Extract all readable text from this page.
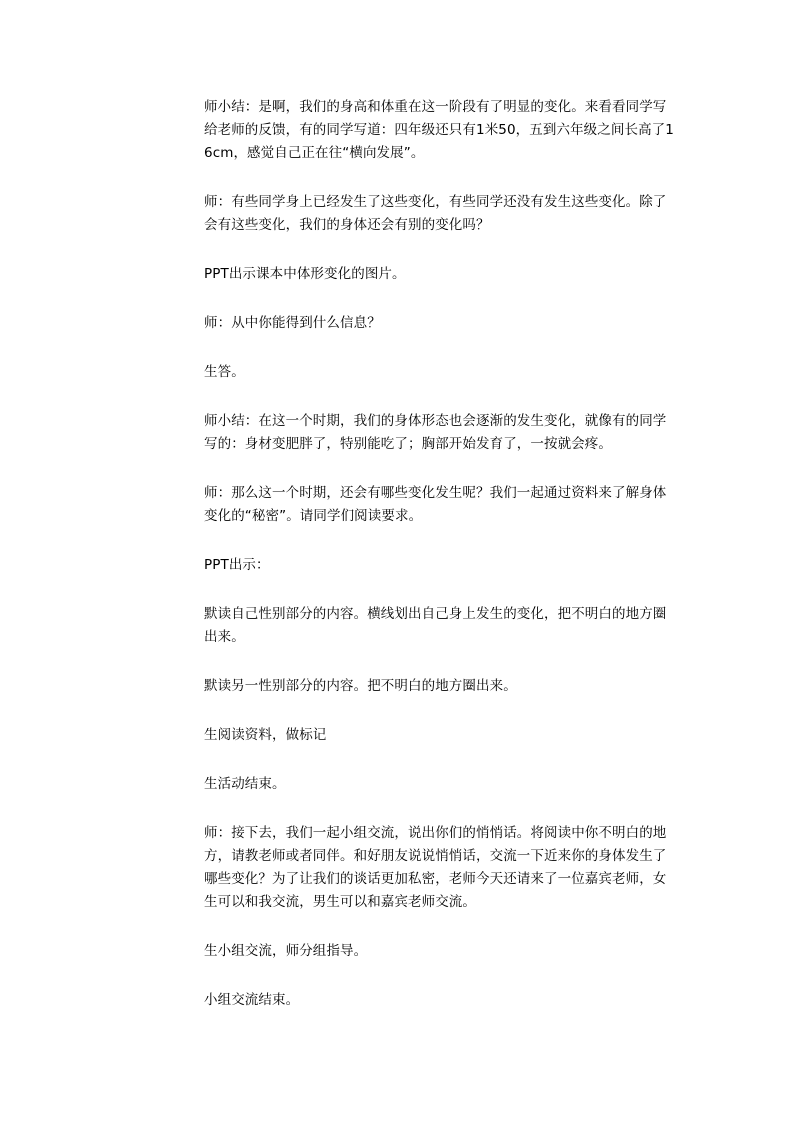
师小结：是啊，我们的身高和体重在这一阶段有了明显的变化。来看看同学写给老师的反馈，有的同学写道：四年级还只有1米50，五到六年级之间长高了16cm，感觉自己正在往“横向发展”。

师：有些同学身上已经发生了这些变化，有些同学还没有发生这些变化。除了会有这些变化，我们的身体还会有别的变化吗？

PPT出示课本中体形变化的图片。

师：从中你能得到什么信息？

生答。

师小结：在这一个时期，我们的身体形态也会逐渐的发生变化，就像有的同学写的：身材变肥胖了，特别能吃了；胸部开始发育了，一按就会疼。

师：那么这一个时期，还会有哪些变化发生呢？我们一起通过资料来了解身体变化的“秘密”。请同学们阅读要求。

PPT出示：

默读自己性别部分的内容。横线划出自己身上发生的变化，把不明白的地方圈出来。

默读另一性别部分的内容。把不明白的地方圈出来。

生阅读资料，做标记

生活动结束。

师：接下去，我们一起小组交流，说出你们的悄悄话。将阅读中你不明白的地方，请教老师或者同伴。和好朋友说说悄悄话，交流一下近来你的身体发生了哪些变化？为了让我们的谈话更加私密，老师今天还请来了一位嘉宾老师，女生可以和我交流，男生可以和嘉宾老师交流。

生小组交流，师分组指导。

小组交流结束。
